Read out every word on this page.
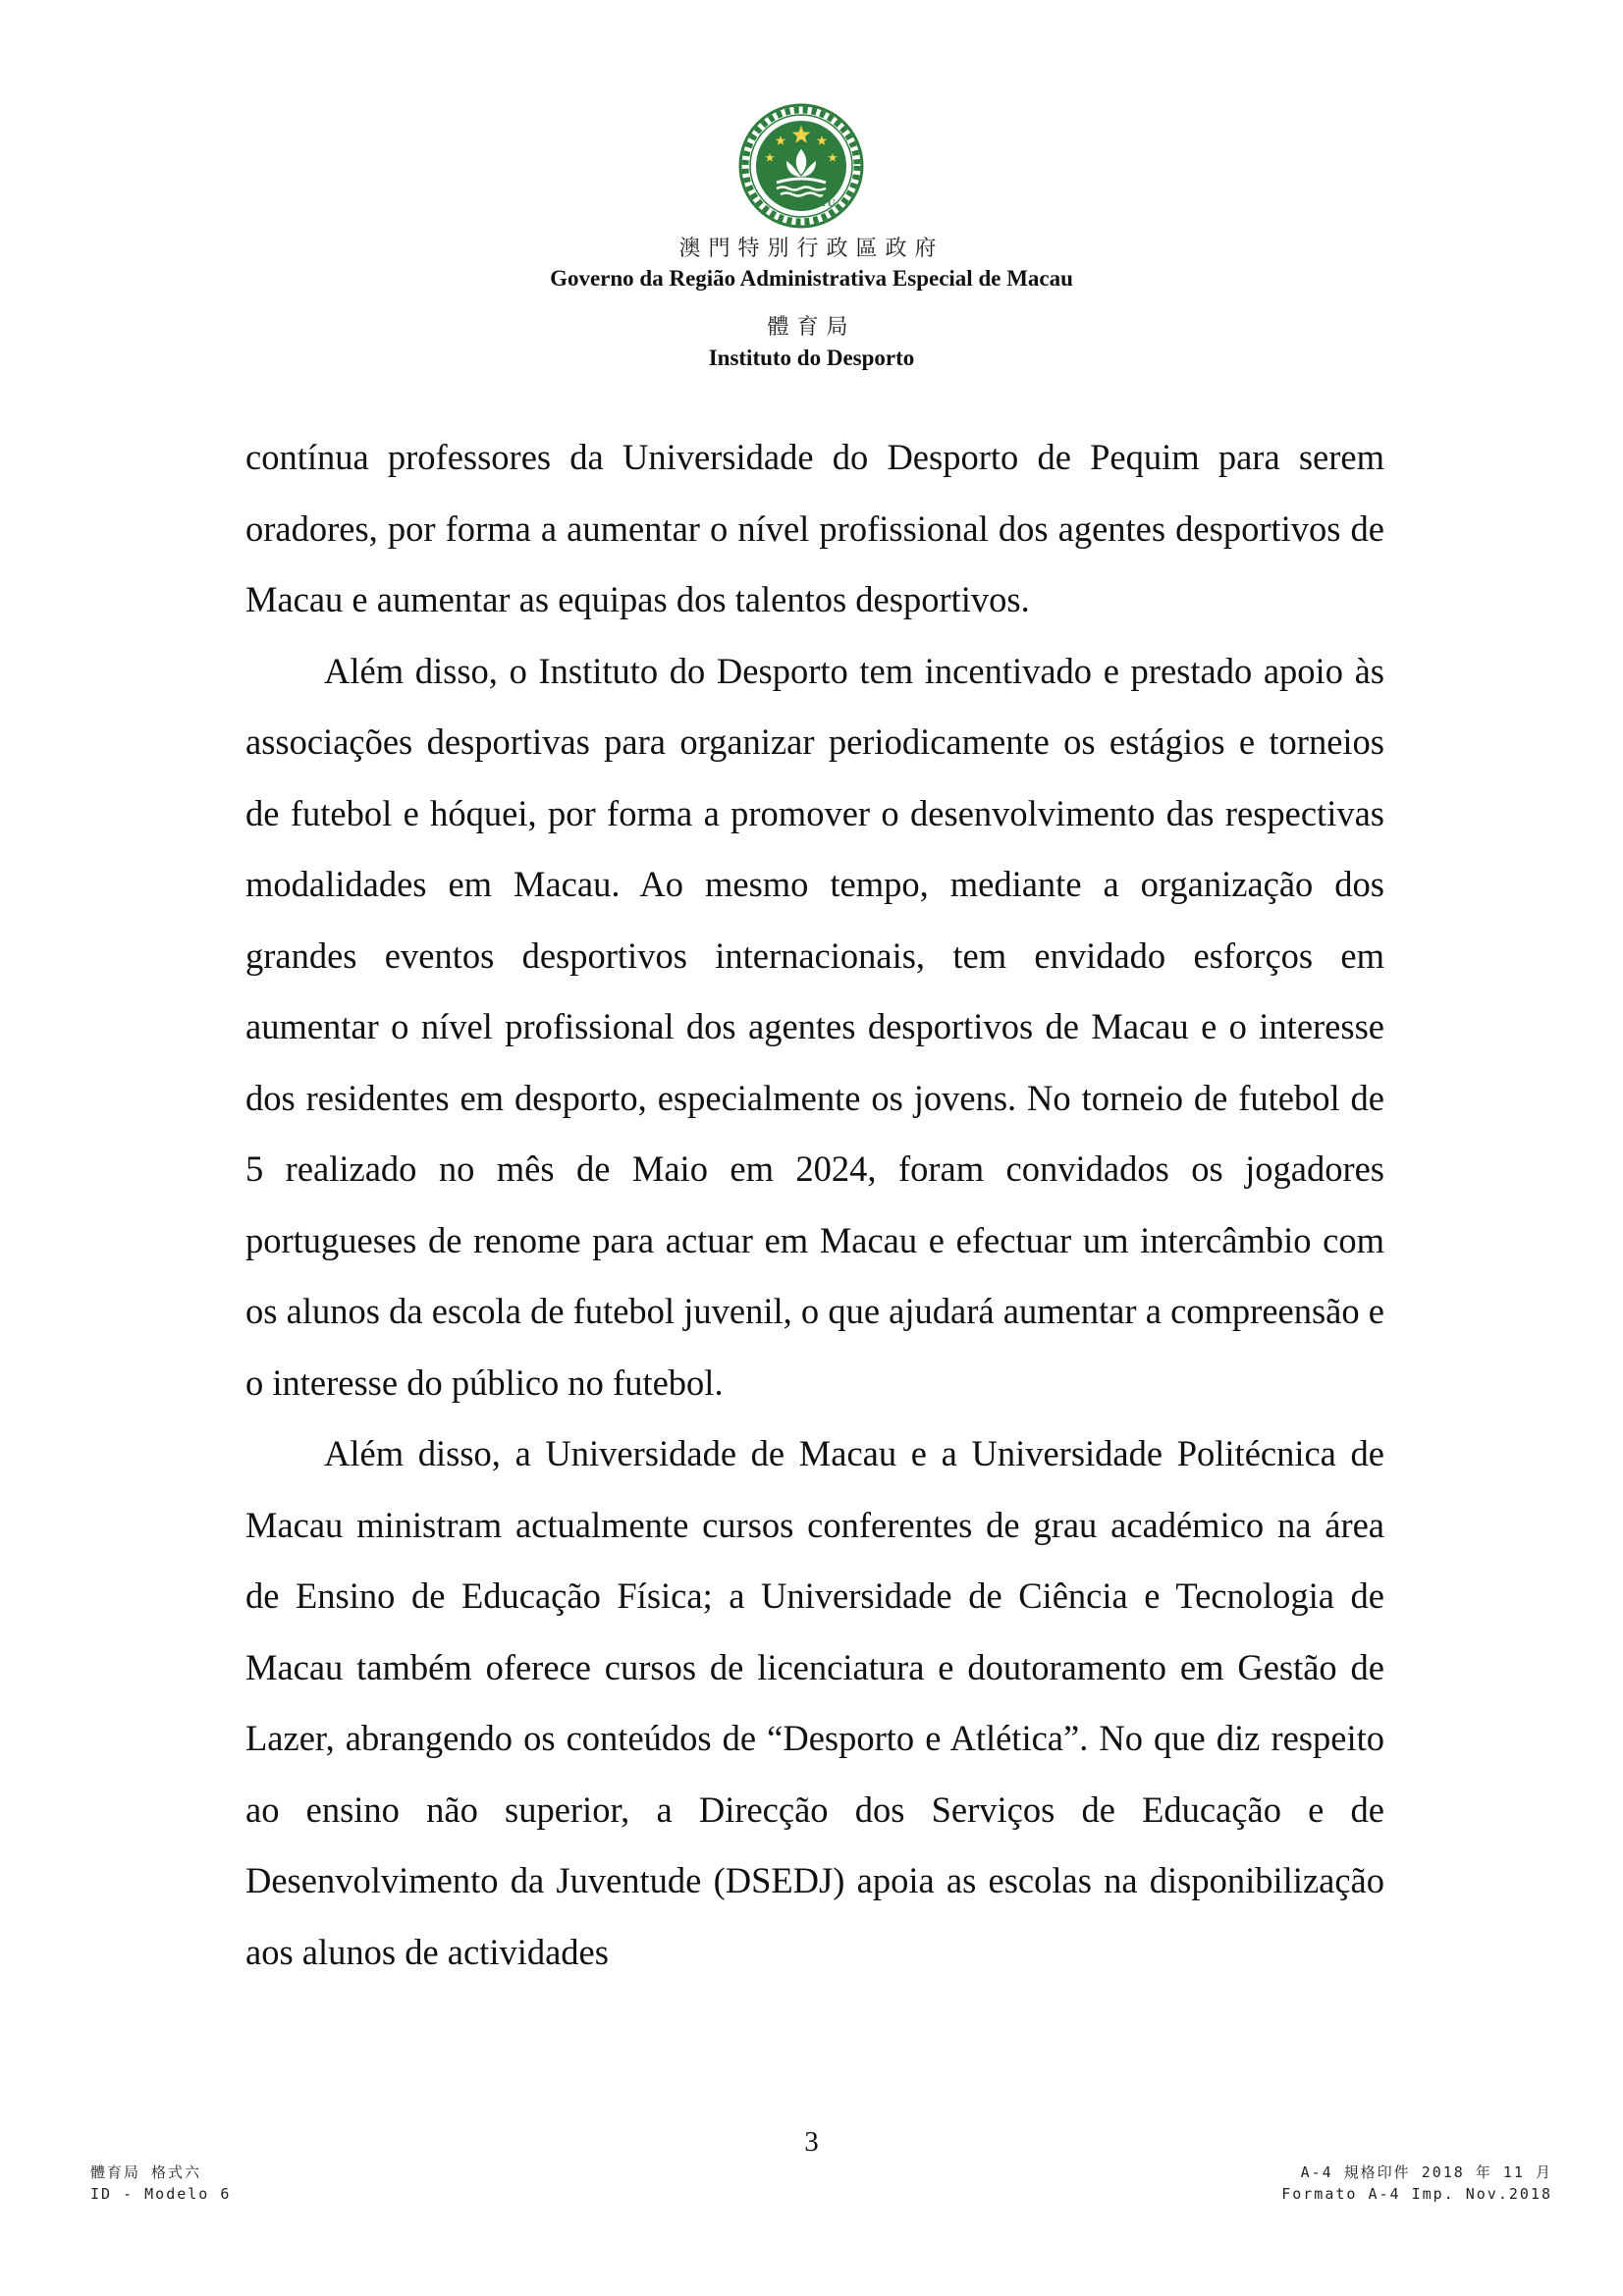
MACAU
澳門特別行政區政府
Governo da Região Administrativa Especial de Macau
體育局
Instituto do Desporto

contínua professores da Universidade do Desporto de Pequim para serem oradores, por forma a aumentar o nível profissional dos agentes desportivos de Macau e aumentar as equipas dos talentos desportivos.

Além disso, o Instituto do Desporto tem incentivado e prestado apoio às associações desportivas para organizar periodicamente os estágios e torneios de futebol e hóquei, por forma a promover o desenvolvimento das respectivas modalidades em Macau. Ao mesmo tempo, mediante a organização dos grandes eventos desportivos internacionais, tem envidado esforços em aumentar o nível profissional dos agentes desportivos de Macau e o interesse dos residentes em desporto, especialmente os jovens. No torneio de futebol de 5 realizado no mês de Maio em 2024, foram convidados os jogadores portugueses de renome para actuar em Macau e efectuar um intercâmbio com os alunos da escola de futebol juvenil, o que ajudará aumentar a compreensão e o interesse do público no futebol.

Além disso, a Universidade de Macau e a Universidade Politécnica de Macau ministram actualmente cursos conferentes de grau académico na área de Ensino de Educação Física; a Universidade de Ciência e Tecnologia de Macau também oferece cursos de licenciatura e doutoramento em Gestão de Lazer, abrangendo os conteúdos de “Desporto e Atlética”. No que diz respeito ao ensino não superior, a Direcção dos Serviços de Educação e de Desenvolvimento da Juventude (DSEDJ) apoia as escolas na disponibilização aos alunos de actividades

3
體育局 格式六
ID - Modelo 6
A-4 規格印件 2018 年 11 月
Formato A-4 Imp. Nov.2018
